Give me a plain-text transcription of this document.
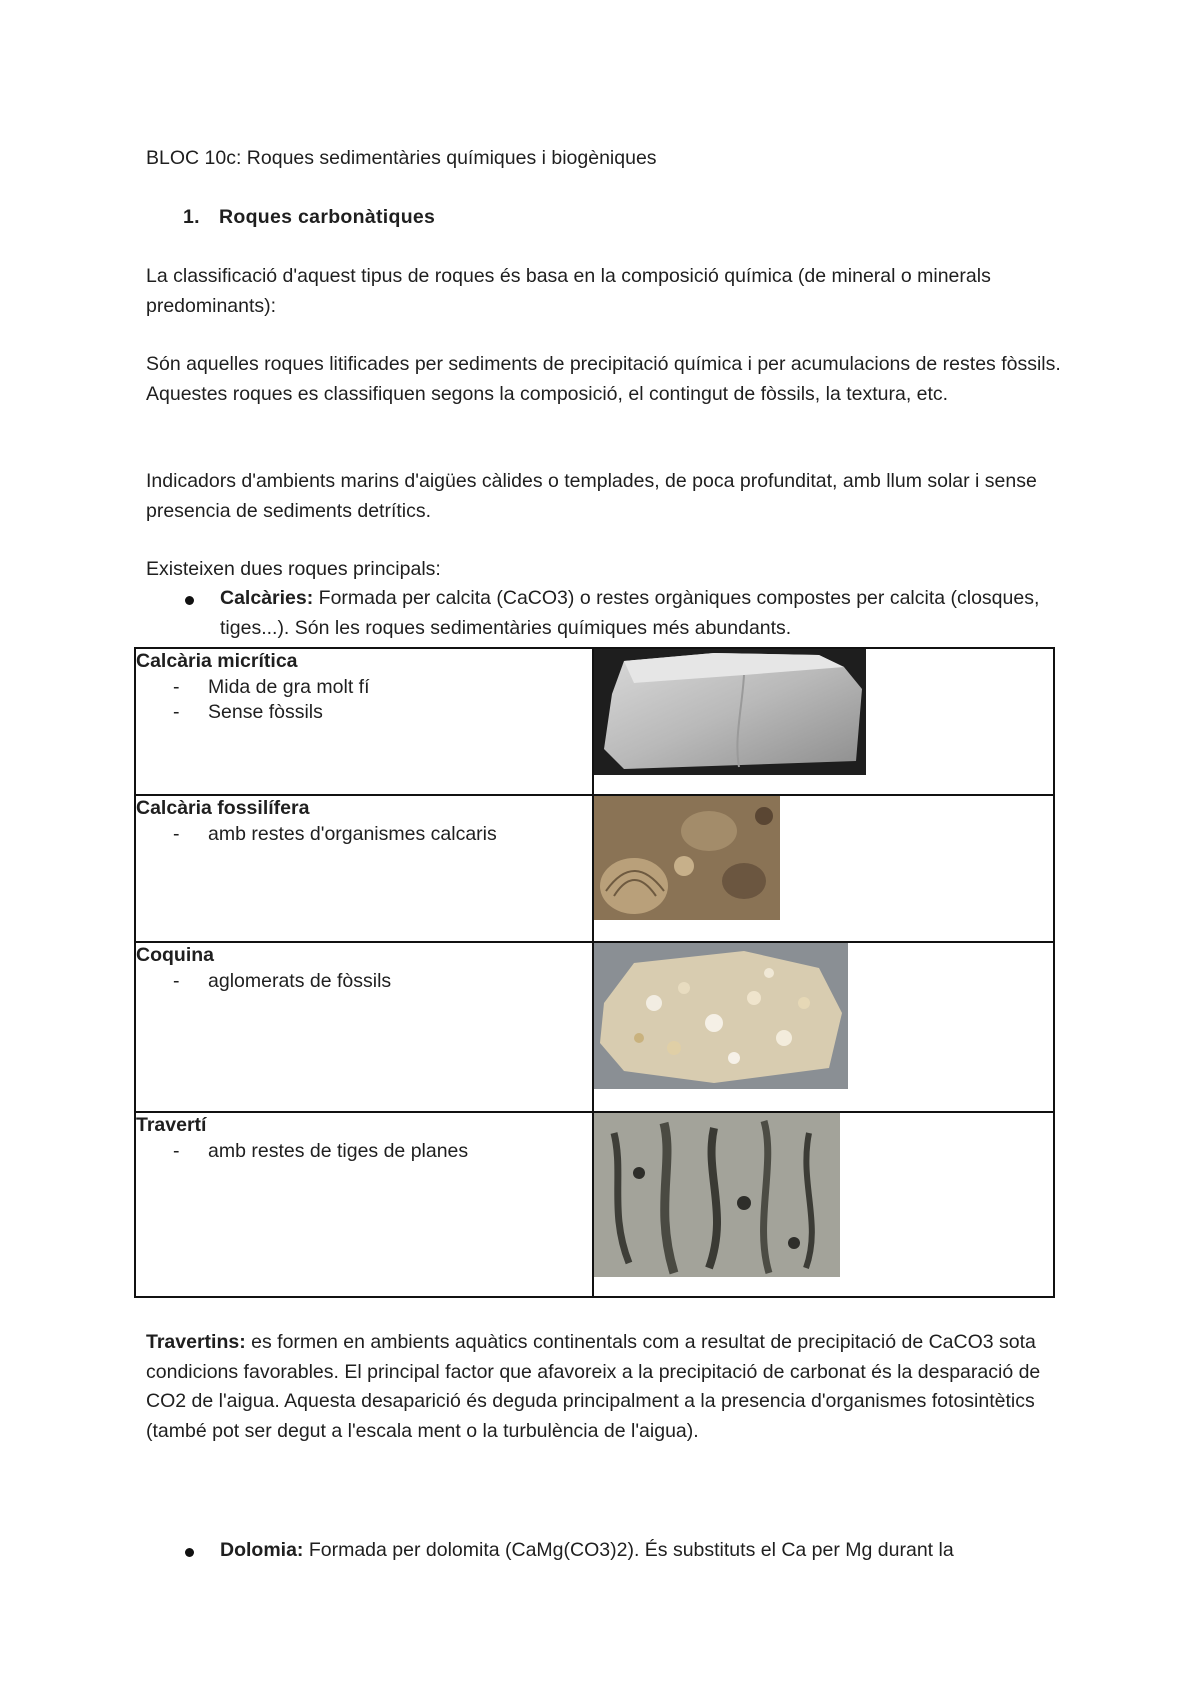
BLOC 10c: Roques sedimentàries químiques i biogèniques

1. Roques carbonàtiques

La classificació d'aquest tipus de roques és basa en la composició química (de mineral o minerals predominants):

Són aquelles roques litificades per sediments de precipitació química i per acumulacions de restes fòssils. Aquestes roques es classifiquen segons la composició, el contingut de fòssils, la textura, etc.

Indicadors d'ambients marins d'aigües càlides o templades, de poca profunditat, amb llum solar i sense presencia de sediments detrítics.

Existeixen dues roques principals:

Calcàries: Formada per calcita (CaCO3) o restes orgàniques compostes per calcita (closques, tiges...). Són les roques sedimentàries químiques més abundants.
Calcària micrítica
- Mida de gra molt fí
- Sense fòssils

Calcària fossilífera
- amb restes d'organismes calcaris

Coquina
- aglomerats de fòssils

Travertí
- amb restes de tiges de planes

Travertins: es formen en ambients aquàtics continentals com a resultat de precipitació de CaCO3 sota condicions favorables. El principal factor que afavoreix a la precipitació de carbonat és la desparació de CO2 de l'aigua. Aquesta desaparició és deguda principalment a la presencia d'organismes fotosintètics (també pot ser degut a l'escala ment o la turbulència de l'aigua).

Dolomia: Formada per dolomita (CaMg(CO3)2). És substituts el Ca per Mg durant la
